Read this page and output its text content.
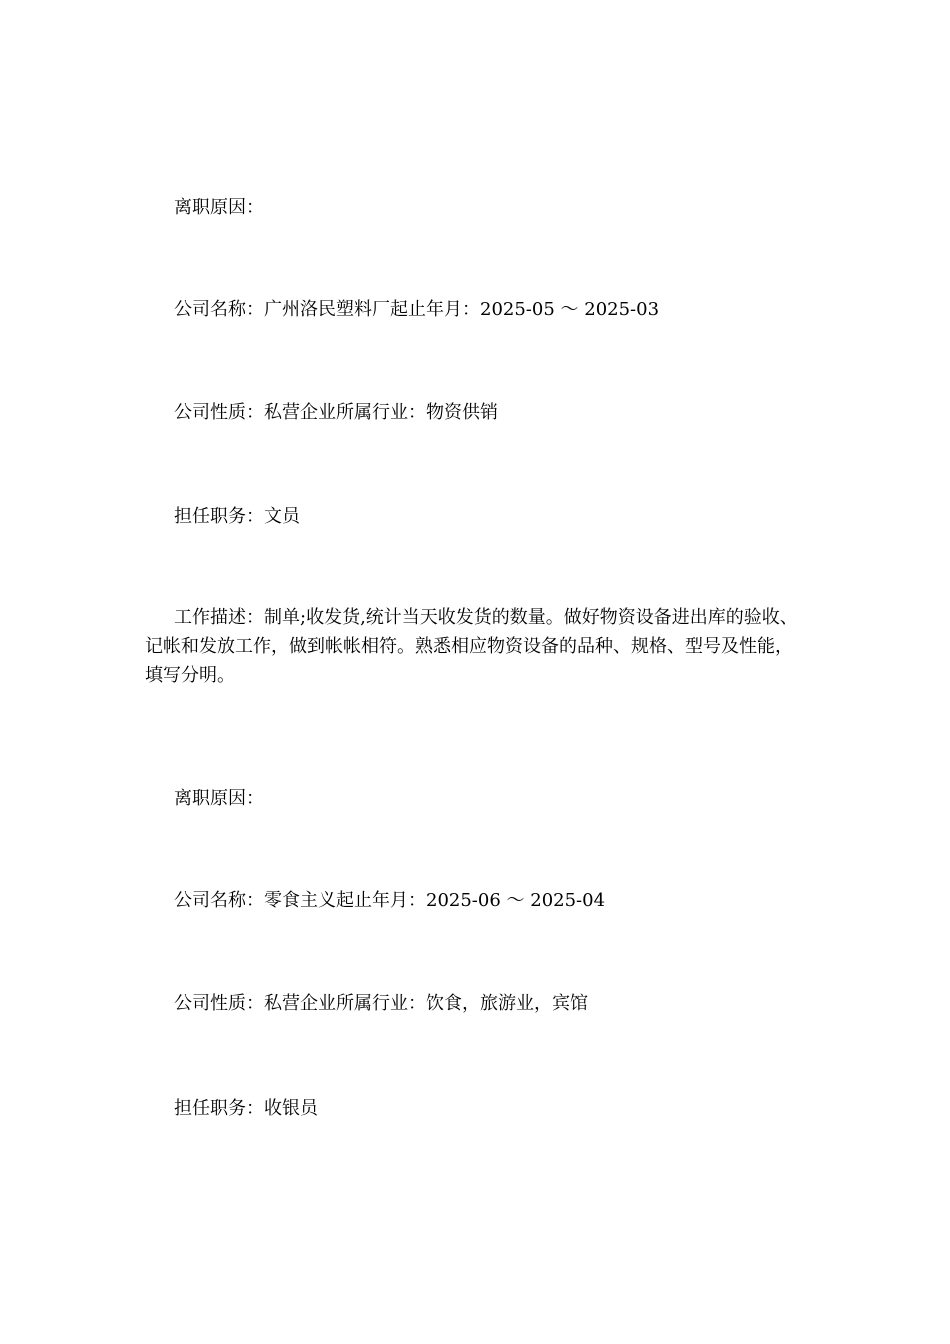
离职原因：
公司名称：广州洛民塑料厂起止年月：2025-05 ～ 2025-03
公司性质：私营企业所属行业：物资供销
担任职务：文员
工作描述：制单;收发货,统计当天收发货的数量。做好物资设备进出库的验收、记帐和发放工作，做到帐帐相符。熟悉相应物资设备的品种、规格、型号及性能，填写分明。
离职原因：
公司名称：零食主义起止年月：2025-06 ～ 2025-04
公司性质：私营企业所属行业：饮食，旅游业，宾馆
担任职务：收银员
